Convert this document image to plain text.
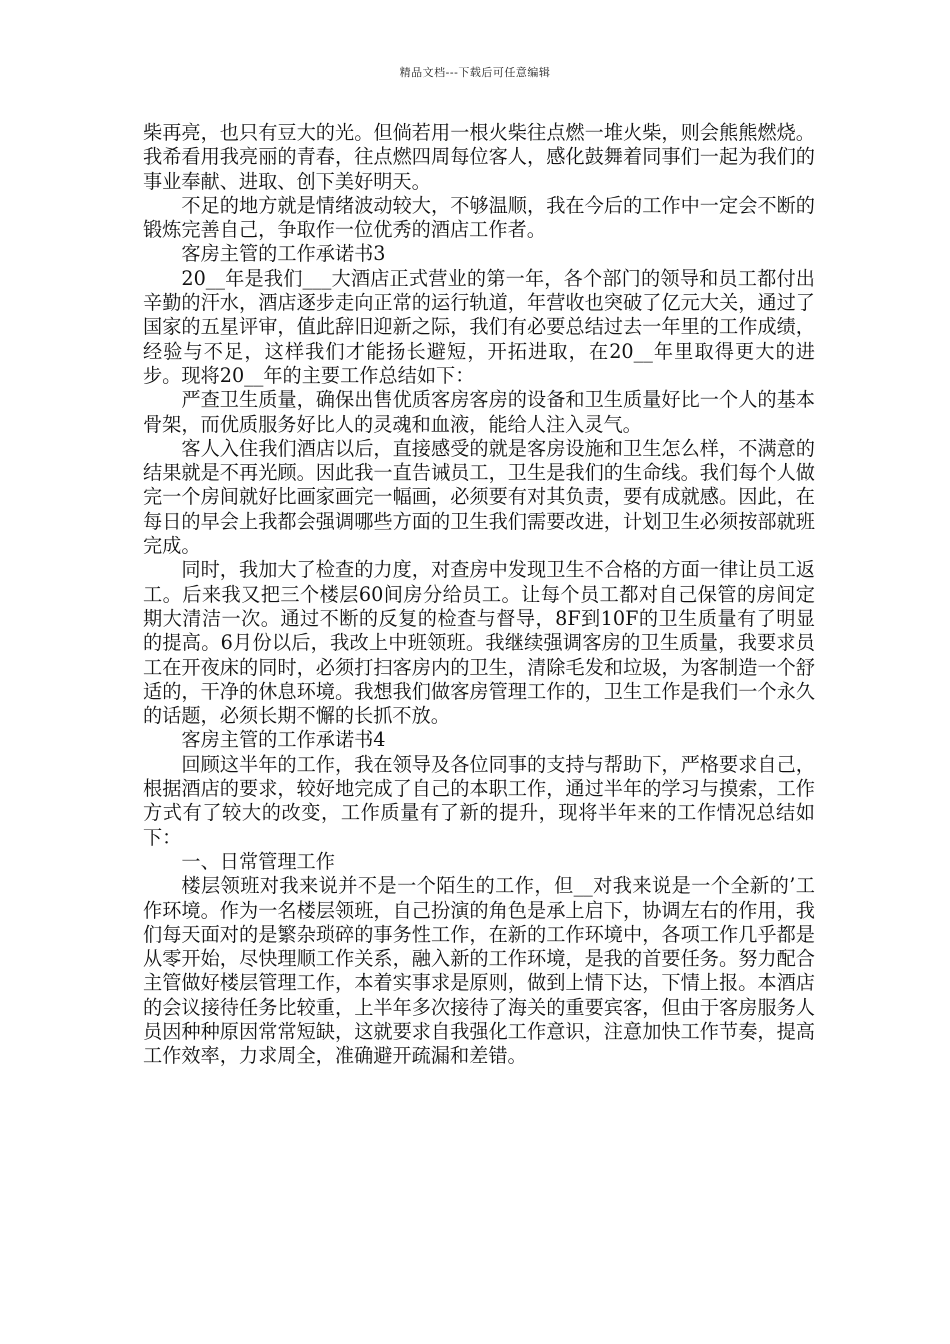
精品文档---下载后可任意编辑

柴再亮，也只有豆大的光。但倘若用一根火柴往点燃一堆火柴，则会熊熊燃烧。我希看用我亮丽的青春，往点燃四周每位客人，感化鼓舞着同事们一起为我们的事业奉献、进取、创下美好明天。

不足的地方就是情绪波动较大，不够温顺，我在今后的工作中一定会不断的锻炼完善自己，争取作一位优秀的酒店工作者。

客房主管的工作承诺书3

20__年是我们___大酒店正式营业的第一年，各个部门的领导和员工都付出辛勤的汗水，酒店逐步走向正常的运行轨道，年营收也突破了亿元大关，通过了国家的五星评审，值此辞旧迎新之际，我们有必要总结过去一年里的工作成绩，经验与不足，这样我们才能扬长避短，开拓进取，在20__年里取得更大的进步。现将20__年的主要工作总结如下：

严查卫生质量，确保出售优质客房客房的设备和卫生质量好比一个人的基本骨架，而优质服务好比人的灵魂和血液，能给人注入灵气。

客人入住我们酒店以后，直接感受的就是客房设施和卫生怎么样，不满意的结果就是不再光顾。因此我一直告诫员工，卫生是我们的生命线。我们每个人做完一个房间就好比画家画完一幅画，必须要有对其负责，要有成就感。因此，在每日的早会上我都会强调哪些方面的卫生我们需要改进，计划卫生必须按部就班完成。

同时，我加大了检查的力度，对查房中发现卫生不合格的方面一律让员工返工。后来我又把三个楼层60间房分给员工。让每个员工都对自己保管的房间定期大清洁一次。通过不断的反复的检查与督导，8F到10F的卫生质量有了明显的提高。6月份以后，我改上中班领班。我继续强调客房的卫生质量，我要求员工在开夜床的同时，必须打扫客房内的卫生，清除毛发和垃圾，为客制造一个舒适的，干净的休息环境。我想我们做客房管理工作的，卫生工作是我们一个永久的话题，必须长期不懈的长抓不放。

客房主管的工作承诺书4

回顾这半年的工作，我在领导及各位同事的支持与帮助下，严格要求自己，根据酒店的要求，较好地完成了自己的本职工作，通过半年的学习与摸索，工作方式有了较大的改变，工作质量有了新的提升，现将半年来的工作情况总结如下：

一、日常管理工作

楼层领班对我来说并不是一个陌生的工作，但__对我来说是一个全新的’工作环境。作为一名楼层领班，自己扮演的角色是承上启下，协调左右的作用，我们每天面对的是繁杂琐碎的事务性工作，在新的工作环境中，各项工作几乎都是从零开始，尽快理顺工作关系，融入新的工作环境，是我的首要任务。努力配合主管做好楼层管理工作，本着实事求是原则，做到上情下达，下情上报。本酒店的会议接待任务比较重，上半年多次接待了海关的重要宾客，但由于客房服务人员因种种原因常常短缺，这就要求自我强化工作意识，注意加快工作节奏，提高工作效率，力求周全，准确避开疏漏和差错。
